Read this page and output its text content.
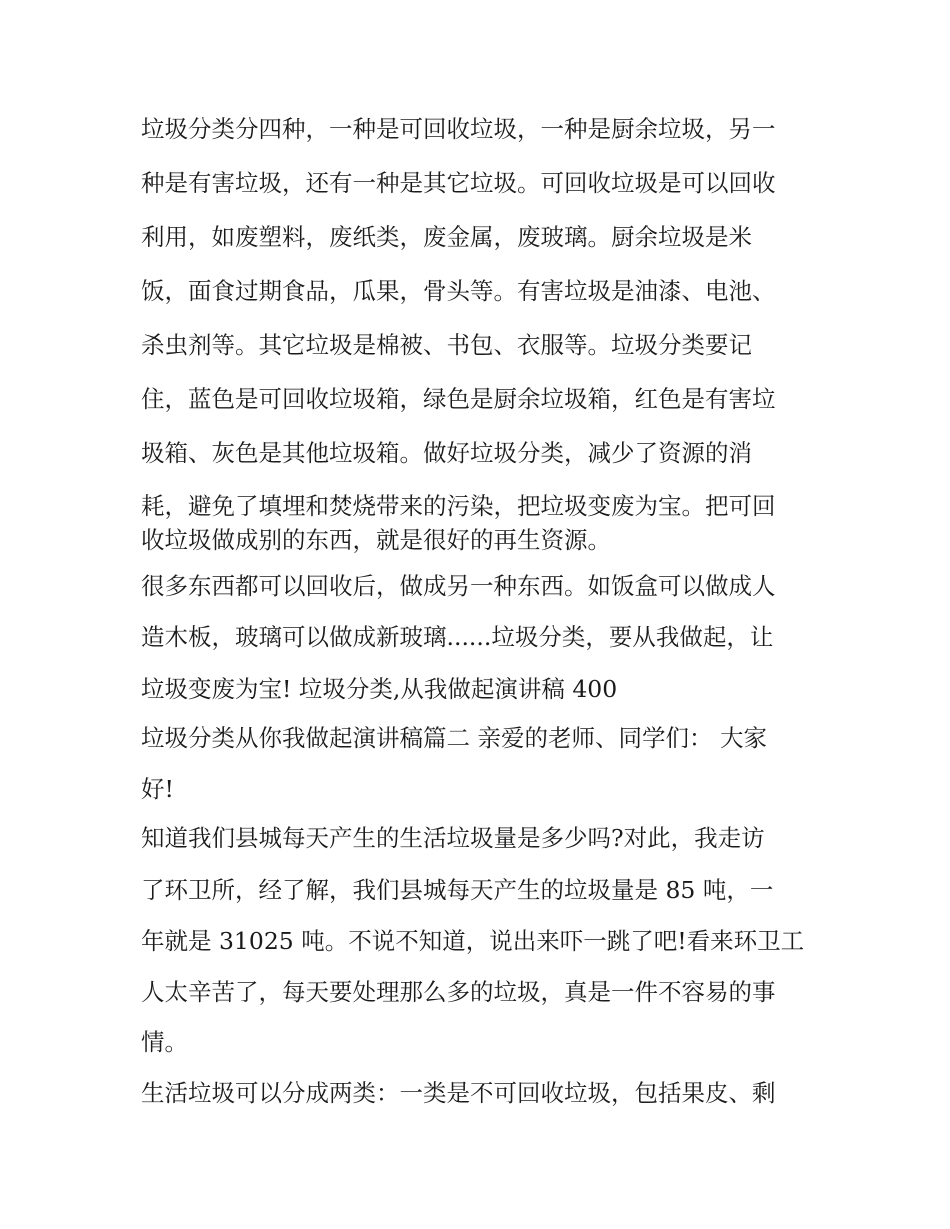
垃圾分类分四种，一种是可回收垃圾，一种是厨余垃圾，另一
种是有害垃圾，还有一种是其它垃圾。可回收垃圾是可以回收
利用，如废塑料，废纸类，废金属，废玻璃。厨余垃圾是米
饭，面食过期食品，瓜果，骨头等。有害垃圾是油漆、电池、
杀虫剂等。其它垃圾是棉被、书包、衣服等。垃圾分类要记
住，蓝色是可回收垃圾箱，绿色是厨余垃圾箱，红色是有害垃
圾箱、灰色是其他垃圾箱。做好垃圾分类，减少了资源的消
耗，避免了填埋和焚烧带来的污染，把垃圾变废为宝。把可回
收垃圾做成别的东西，就是很好的再生资源。
很多东西都可以回收后，做成另一种东西。如饭盒可以做成人
造木板，玻璃可以做成新玻璃......垃圾分类，要从我做起，让
垃圾变废为宝! 垃圾分类,从我做起演讲稿 400
垃圾分类从你我做起演讲稿篇二 亲爱的老师、同学们： 大家
好!
知道我们县城每天产生的生活垃圾量是多少吗?对此，我走访
了环卫所，经了解，我们县城每天产生的垃圾量是 85 吨，一
年就是 31025 吨。不说不知道，说出来吓一跳了吧!看来环卫工
人太辛苦了，每天要处理那么多的垃圾，真是一件不容易的事
情。
生活垃圾可以分成两类：一类是不可回收垃圾，包括果皮、剩
